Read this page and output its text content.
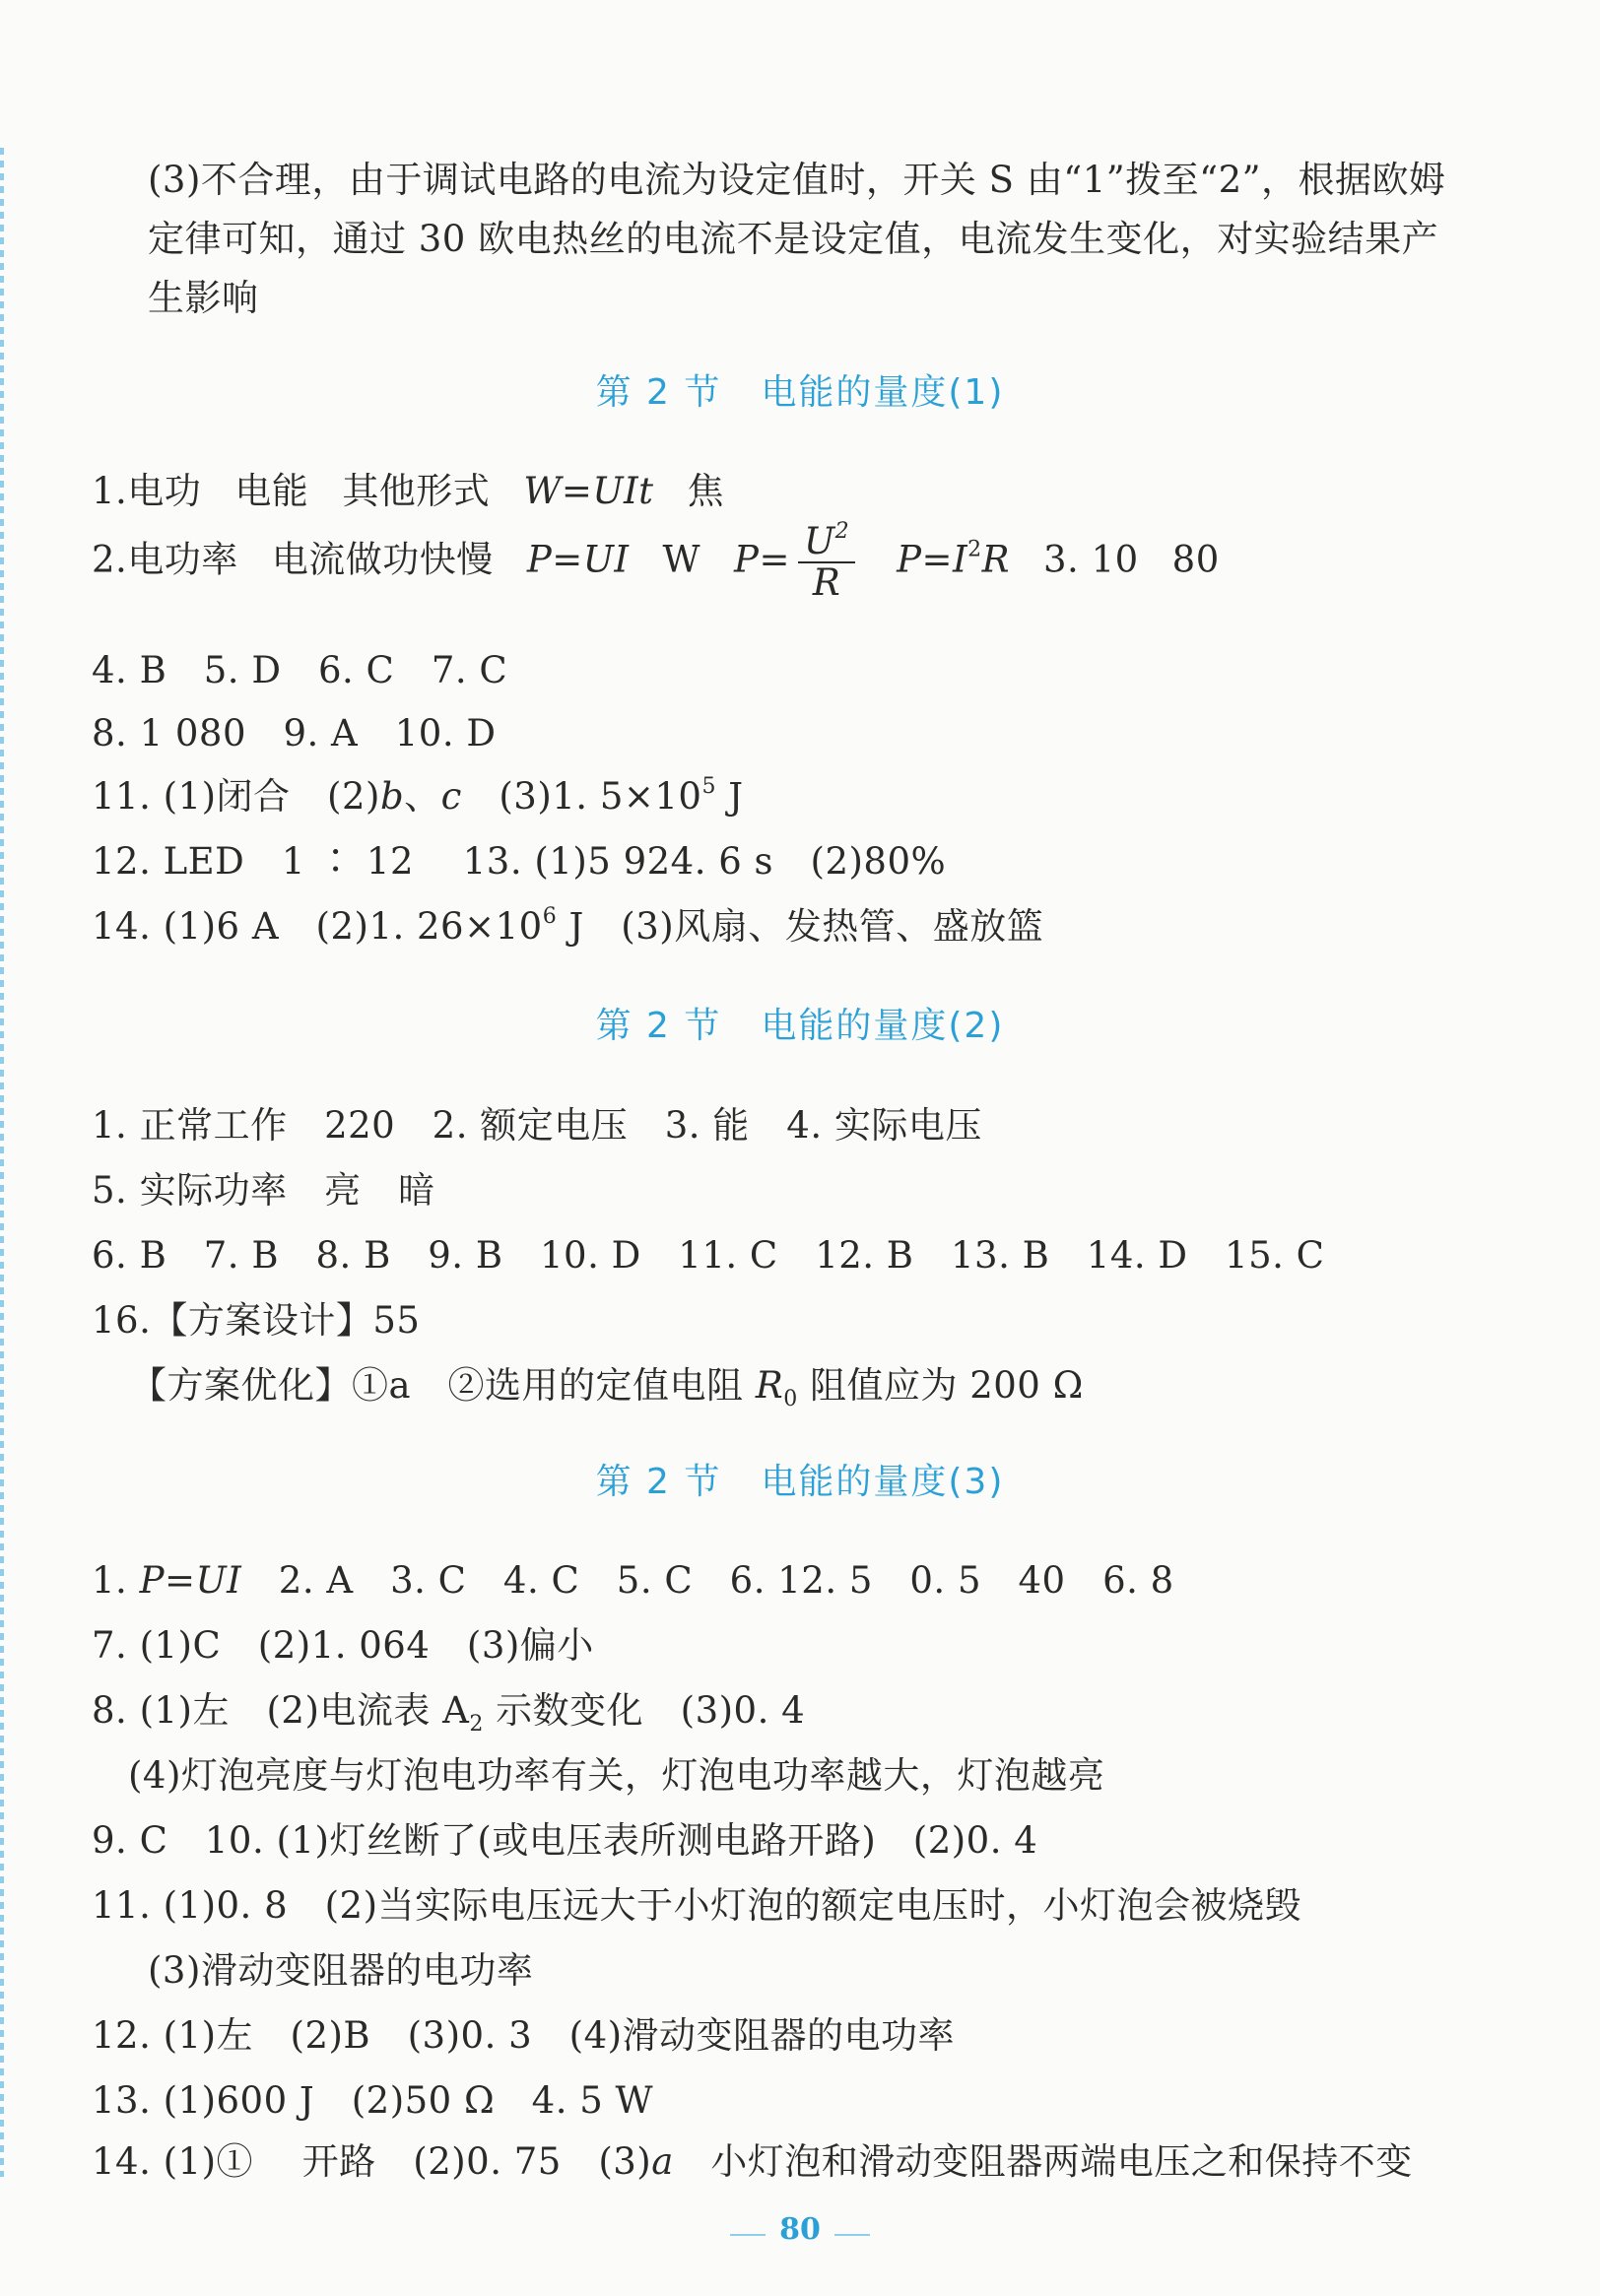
(3)不合理，由于调试电路的电流为设定值时，开关 S 由“1”拨至“2”，根据欧姆
定律可知，通过 30 欧电热丝的电流不是设定值，电流发生变化，对实验结果产
生影响
第 2 节 电能的量度(1)
1.电功 电能 其他形式 W=UIt 焦
2.电功率 电流做功快慢 P=UI W $P= \frac{U^2}{R} P=I^2R$ 3. 10 80
4. B　5. D　6. C　7. C
8. 1 080　9. A　10. D
11. (1)闭合　(2)b、c　(3)1. $5\times 10^5$ J
12. LED　1 ∶ 12　 13. (1)5 924. 6 s　(2)80%
14. (1)6 A　(2)1. $26\times 10^6$ J　(3)风扇、发热管、盛放篮
第 2 节 电能的量度(2)
1. 正常工作　220　2. 额定电压　3. 能　4. 实际电压
5. 实际功率　亮　暗
6. B　7. B　8. B　9. B　10. D　11. C　12. B　13. B　14. D　15. C
16.【方案设计】55
【方案优化】①a　②选用的定值电阻 $R_0$ 阻值应为 200 Ω
第 2 节 电能的量度(3)
1. P=UI　2. A　3. C　4. C　5. C　6. 12. 5　0. 5　40　6. 8
7. (1)C　(2)1. 064　(3)偏小
8. (1)左　(2)电流表 $A_2$ 示数变化　(3)0. 4
(4)灯泡亮度与灯泡电功率有关，灯泡电功率越大，灯泡越亮
9. C　10. (1)灯丝断了(或电压表所测电路开路)　(2)0. 4
11. (1)0. 8　(2)当实际电压远大于小灯泡的额定电压时，小灯泡会被烧毁
(3)滑动变阻器的电功率
12. (1)左　(2)B　(3)0. 3　(4)滑动变阻器的电功率
13. (1)600 J　(2)50 Ω　4. 5 W
14. (1)①　 开路　(2)0. 75　(3)a　小灯泡和滑动变阻器两端电压之和保持不变
80
